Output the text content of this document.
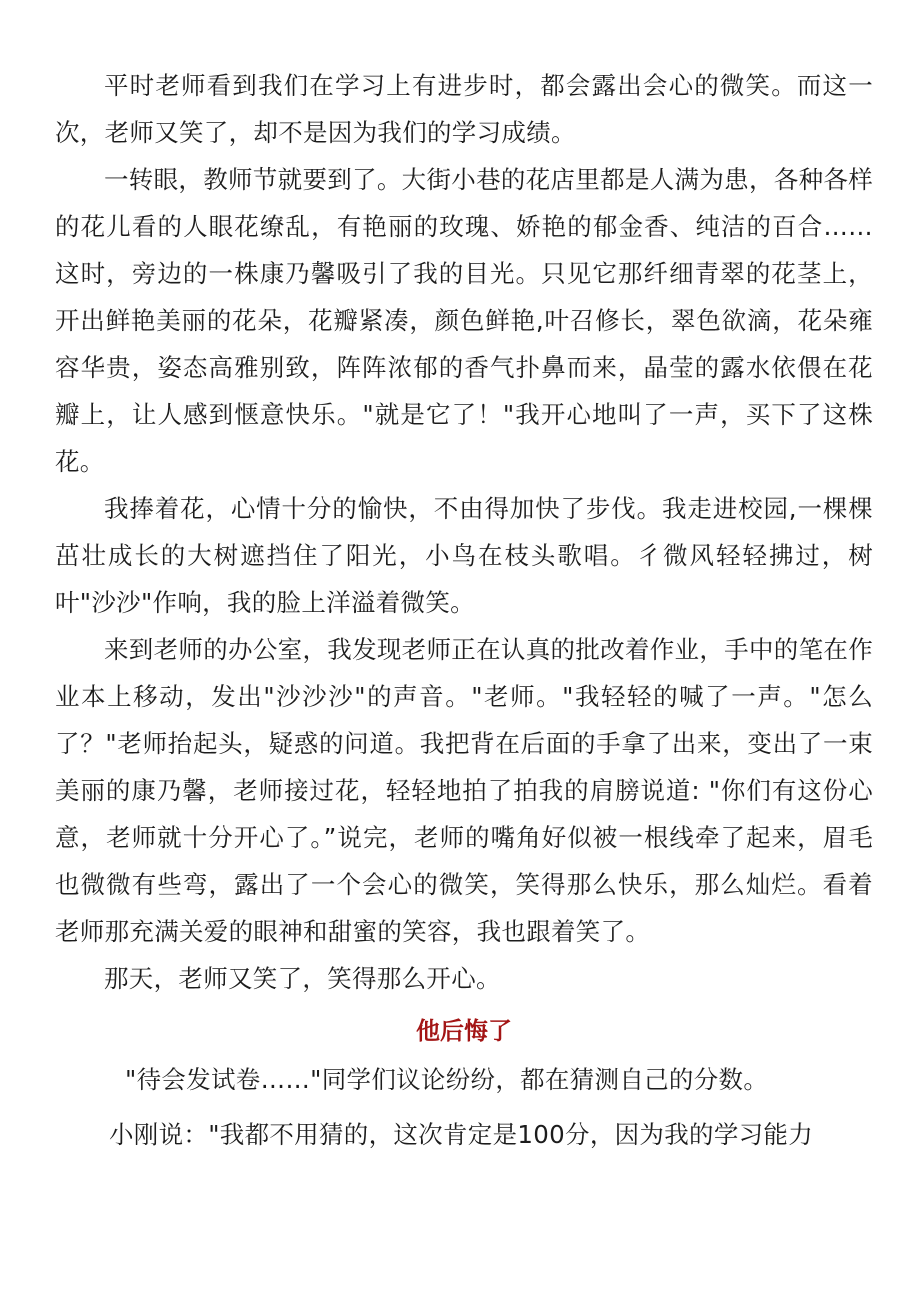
平时老师看到我们在学习上有进步时，都会露出会心的微笑。而这一次，老师又笑了，却不是因为我们的学习成绩。

一转眼，教师节就要到了。大街小巷的花店里都是人满为患，各种各样的花儿看的人眼花缭乱，有艳丽的玫瑰、娇艳的郁金香、纯洁的百合……这时，旁边的一株康乃馨吸引了我的目光。只见它那纤细青翠的花茎上，开出鲜艳美丽的花朵，花瓣紧凑，颜色鲜艳,叶召修长，翠色欲滴，花朵雍容华贵，姿态高雅别致，阵阵浓郁的香气扑鼻而来，晶莹的露水依偎在花瓣上，让人感到惬意快乐。"就是它了！"我开心地叫了一声，买下了这株花。

我捧着花，心情十分的愉快，不由得加快了步伐。我走进校园,一棵棵茁壮成长的大树遮挡住了阳光，小鸟在枝头歌唱。彳微风轻轻拂过，树叶"沙沙"作响，我的脸上洋溢着微笑。

来到老师的办公室，我发现老师正在认真的批改着作业，手中的笔在作业本上移动，发出"沙沙沙"的声音。"老师。"我轻轻的喊了一声。"怎么了？"老师抬起头，疑惑的问道。我把背在后面的手拿了出来，变出了一束美丽的康乃馨，老师接过花，轻轻地拍了拍我的肩膀说道: "你们有这份心意，老师就十分开心了。”说完，老师的嘴角好似被一根线牵了起来，眉毛也微微有些弯，露出了一个会心的微笑，笑得那么快乐，那么灿烂。看着老师那充满关爱的眼神和甜蜜的笑容，我也跟着笑了。

那天，老师又笑了，笑得那么开心。

他后悔了

"待会发试卷……"同学们议论纷纷，都在猜测自己的分数。

小刚说："我都不用猜的，这次肯定是100分，因为我的学习能力
